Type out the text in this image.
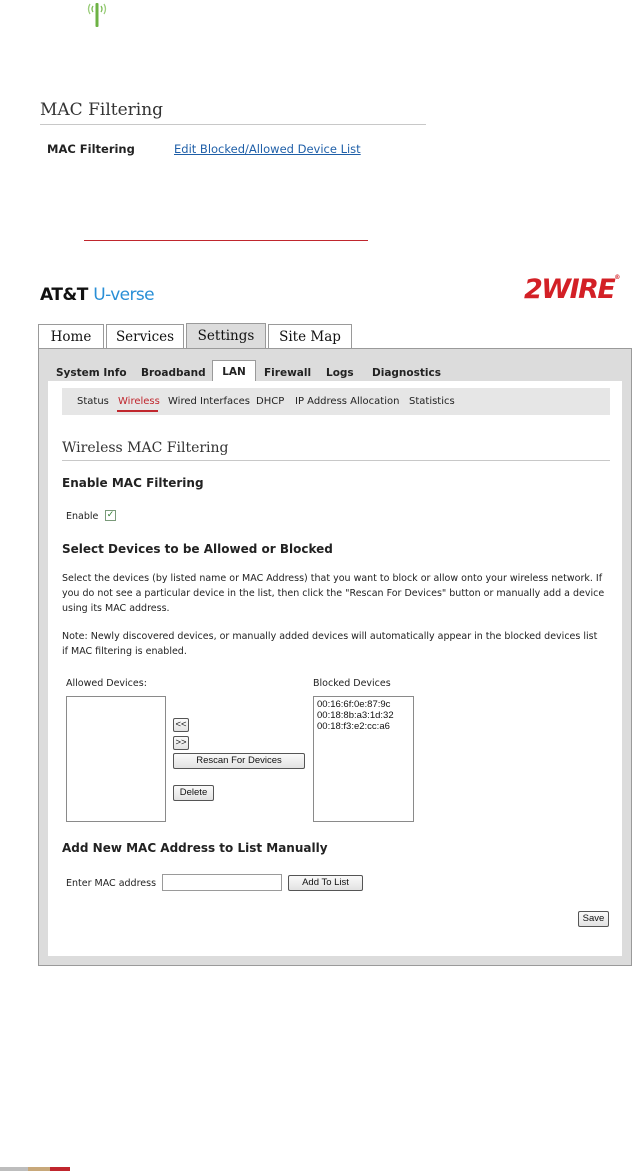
MAC Filtering
MAC Filtering	Edit Blocked/Allowed Device List
AT&T U-verse	2WIRE®
Home	Services	Settings	Site Map
System Info Broadband	LAN	Firewall Logs Diagnostics
Status Wireless Wired Interfaces DHCP IP Address Allocation Statistics
Wireless MAC Filtering
Enable MAC Filtering
Enable ✓
Select Devices to be Allowed or Blocked
Select the devices (by listed name or MAC Address) that you want to block or allow onto your wireless network. If
you do not see a particular device in the list, then click the "Rescan For Devices" button or manually add a device
using its MAC address.
Note: Newly discovered devices, or manually added devices will automatically appear in the blocked devices list
if MAC filtering is enabled.
Allowed Devices:	Blocked Devices
00:16:6f:0e:87:9c
00:18:8b:a3:1d:32
00:18:f3:e2:cc:a6
<<
>>
Rescan For Devices
Delete
Add New MAC Address to List Manually
Enter MAC address	Add To List
Save
